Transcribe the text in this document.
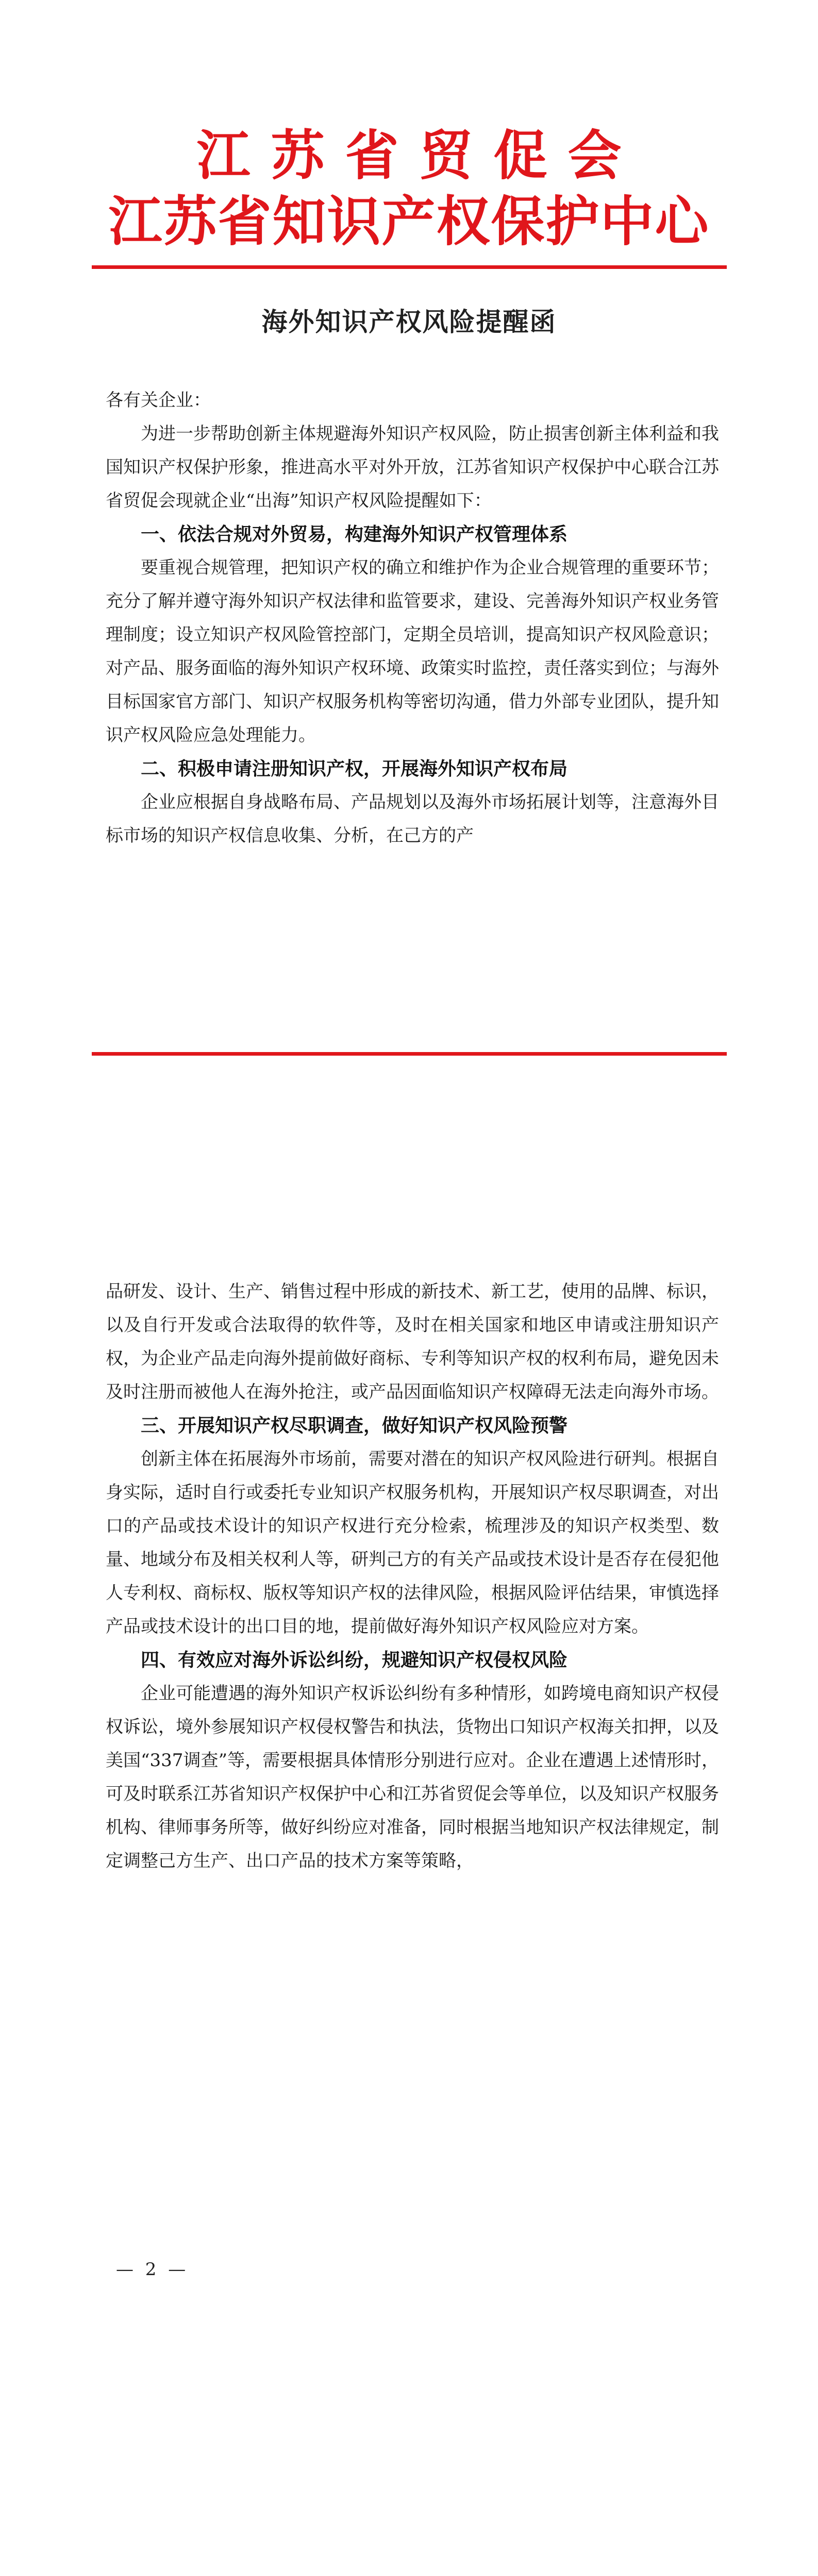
江苏省贸促会
江苏省知识产权保护中心
海外知识产权风险提醒函

各有关企业：

为进一步帮助创新主体规避海外知识产权风险，防止损害创新主体利益和我国知识产权保护形象，推进高水平对外开放，江苏省知识产权保护中心联合江苏省贸促会现就企业“出海”知识产权风险提醒如下：

一、依法合规对外贸易，构建海外知识产权管理体系

要重视合规管理，把知识产权的确立和维护作为企业合规管理的重要环节；充分了解并遵守海外知识产权法律和监管要求，建设、完善海外知识产权业务管理制度；设立知识产权风险管控部门，定期全员培训，提高知识产权风险意识；对产品、服务面临的海外知识产权环境、政策实时监控，责任落实到位；与海外目标国家官方部门、知识产权服务机构等密切沟通，借力外部专业团队，提升知识产权风险应急处理能力。

二、积极申请注册知识产权，开展海外知识产权布局

企业应根据自身战略布局、产品规划以及海外市场拓展计划等，注意海外目标市场的知识产权信息收集、分析，在己方的产

品研发、设计、生产、销售过程中形成的新技术、新工艺，使用的品牌、标识，以及自行开发或合法取得的软件等，及时在相关国家和地区申请或注册知识产权，为企业产品走向海外提前做好商标、专利等知识产权的权利布局，避免因未及时注册而被他人在海外抢注，或产品因面临知识产权障碍无法走向海外市场。

三、开展知识产权尽职调查，做好知识产权风险预警

创新主体在拓展海外市场前，需要对潜在的知识产权风险进行研判。根据自身实际，适时自行或委托专业知识产权服务机构，开展知识产权尽职调查，对出口的产品或技术设计的知识产权进行充分检索，梳理涉及的知识产权类型、数量、地域分布及相关权利人等，研判己方的有关产品或技术设计是否存在侵犯他人专利权、商标权、版权等知识产权的法律风险，根据风险评估结果，审慎选择产品或技术设计的出口目的地，提前做好海外知识产权风险应对方案。

四、有效应对海外诉讼纠纷，规避知识产权侵权风险

企业可能遭遇的海外知识产权诉讼纠纷有多种情形，如跨境电商知识产权侵权诉讼，境外参展知识产权侵权警告和执法，货物出口知识产权海关扣押，以及美国“337调查”等，需要根据具体情形分别进行应对。企业在遭遇上述情形时，可及时联系江苏省知识产权保护中心和江苏省贸促会等单位，以及知识产权服务机构、律师事务所等，做好纠纷应对准备，同时根据当地知识产权法律规定，制定调整己方生产、出口产品的技术方案等策略，

— 2 —
